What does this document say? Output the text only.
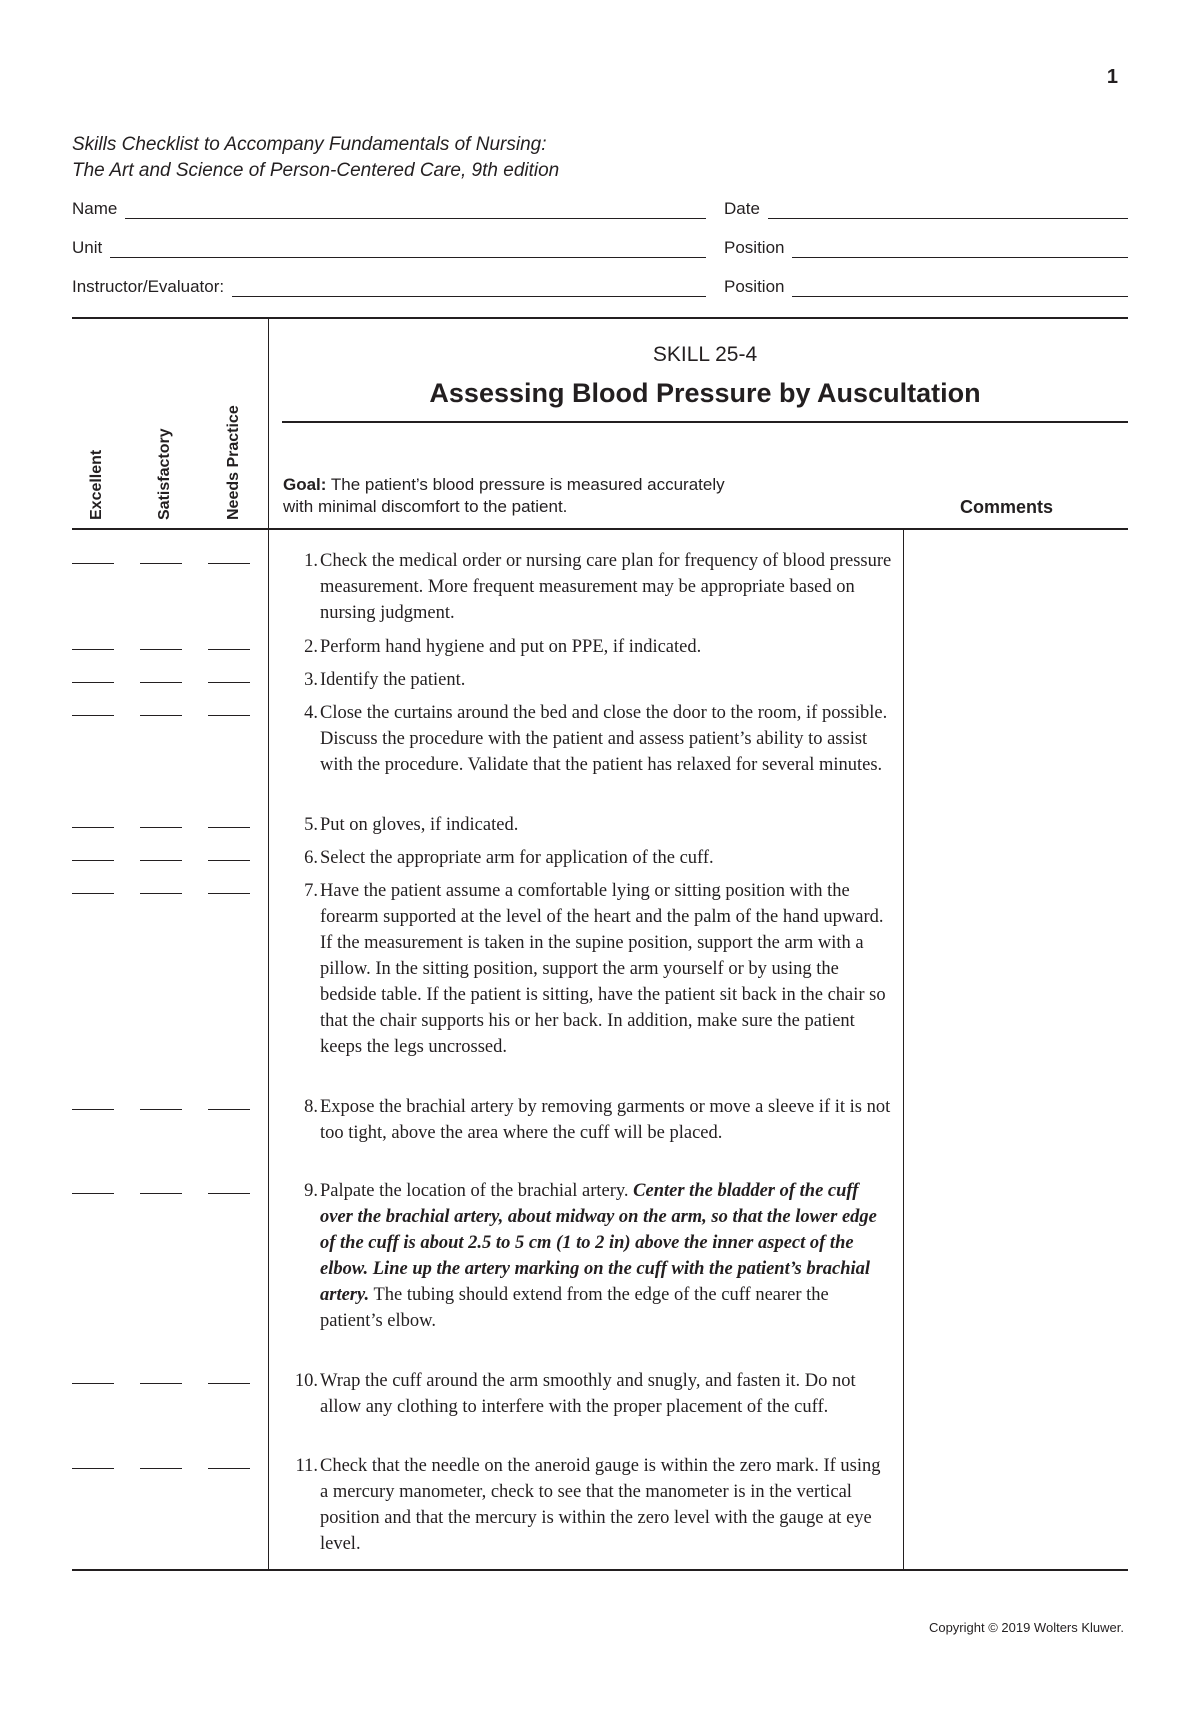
1
Skills Checklist to Accompany Fundamentals of Nursing:
The Art and Science of Person-Centered Care, 9th edition
Name	Date
Unit	Position
Instructor/Evaluator:	Position
Excellent	Satisfactory	Needs Practice
SKILL 25-4
Assessing Blood Pressure by Auscultation
Goal: The patient’s blood pressure is measured accurately
with minimal discomfort to the patient.	Comments
1. Check the medical order or nursing care plan for frequency of blood pressure measurement. More frequent measurement may be appropriate based on nursing judgment.
2. Perform hand hygiene and put on PPE, if indicated.
3. Identify the patient.
4. Close the curtains around the bed and close the door to the room, if possible. Discuss the procedure with the patient and assess patient’s ability to assist with the procedure. Validate that the patient has relaxed for several minutes.
5. Put on gloves, if indicated.
6. Select the appropriate arm for application of the cuff.
7. Have the patient assume a comfortable lying or sitting position with the forearm supported at the level of the heart and the palm of the hand upward. If the measurement is taken in the supine position, support the arm with a pillow. In the sitting position, support the arm yourself or by using the bedside table. If the patient is sitting, have the patient sit back in the chair so that the chair supports his or her back. In addition, make sure the patient keeps the legs uncrossed.
8. Expose the brachial artery by removing garments or move a sleeve if it is not too tight, above the area where the cuff will be placed.
9. Palpate the location of the brachial artery. Center the bladder of the cuff over the brachial artery, about midway on the arm, so that the lower edge of the cuff is about 2.5 to 5 cm (1 to 2 in) above the inner aspect of the elbow. Line up the artery marking on the cuff with the patient’s brachial artery. The tubing should extend from the edge of the cuff nearer the patient’s elbow.
10. Wrap the cuff around the arm smoothly and snugly, and fasten it. Do not allow any clothing to interfere with the proper placement of the cuff.
11. Check that the needle on the aneroid gauge is within the zero mark. If using a mercury manometer, check to see that the manometer is in the vertical position and that the mercury is within the zero level with the gauge at eye level.
Copyright © 2019 Wolters Kluwer.
